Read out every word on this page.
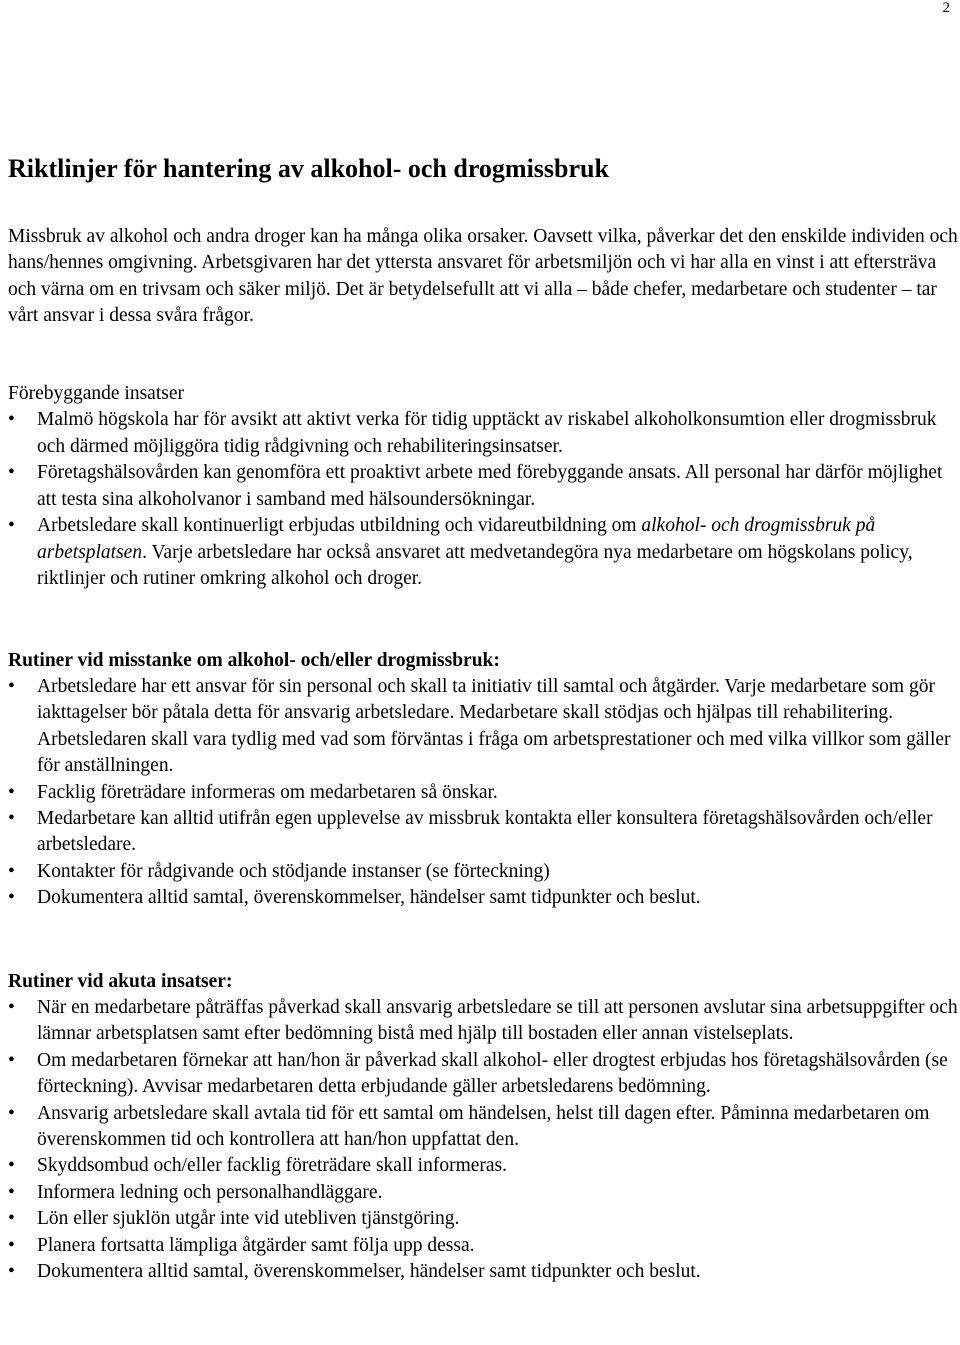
2
Riktlinjer för hantering av alkohol- och drogmissbruk

Missbruk av alkohol och andra droger kan ha många olika orsaker. Oavsett vilka, påverkar det den enskilde individen och hans/hennes omgivning. Arbetsgivaren har det yttersta ansvaret för arbetsmiljön och vi har alla en vinst i att eftersträva och värna om en trivsam och säker miljö. Det är betydelsefullt att vi alla – både chefer, medarbetare och studenter – tar vårt ansvar i dessa svåra frågor.

Förebyggande insatser
• Malmö högskola har för avsikt att aktivt verka för tidig upptäckt av riskabel alkoholkonsumtion eller drogmissbruk och därmed möjliggöra tidig rådgivning och rehabiliteringsinsatser.
• Företagshälsovården kan genomföra ett proaktivt arbete med förebyggande ansats. All personal har därför möjlighet att testa sina alkoholvanor i samband med hälsoundersökningar.
• Arbetsledare skall kontinuerligt erbjudas utbildning och vidareutbildning om alkohol- och drogmissbruk på arbetsplatsen. Varje arbetsledare har också ansvaret att medvetandegöra nya medarbetare om högskolans policy, riktlinjer och rutiner omkring alkohol och droger.
Rutiner vid misstanke om alkohol- och/eller drogmissbruk:
• Arbetsledare har ett ansvar för sin personal och skall ta initiativ till samtal och åtgärder. Varje medarbetare som gör iakttagelser bör påtala detta för ansvarig arbetsledare. Medarbetare skall stödjas och hjälpas till rehabilitering. Arbetsledaren skall vara tydlig med vad som förväntas i fråga om arbetsprestationer och med vilka villkor som gäller för anställningen.
• Facklig företrädare informeras om medarbetaren så önskar.
• Medarbetare kan alltid utifrån egen upplevelse av missbruk kontakta eller konsultera företagshälsovården och/eller arbetsledare.
• Kontakter för rådgivande och stödjande instanser (se förteckning)
• Dokumentera alltid samtal, överenskommelser, händelser samt tidpunkter och beslut.
Rutiner vid akuta insatser:
• När en medarbetare påträffas påverkad skall ansvarig arbetsledare se till att personen avslutar sina arbetsuppgifter och lämnar arbetsplatsen samt efter bedömning bistå med hjälp till bostaden eller annan vistelseplats.
• Om medarbetaren förnekar att han/hon är påverkad skall alkohol- eller drogtest erbjudas hos företagshälsovården (se förteckning). Avvisar medarbetaren detta erbjudande gäller arbetsledarens bedömning.
• Ansvarig arbetsledare skall avtala tid för ett samtal om händelsen, helst till dagen efter. Påminna medarbetaren om överenskommen tid och kontrollera att han/hon uppfattat den.
• Skyddsombud och/eller facklig företrädare skall informeras.
• Informera ledning och personalhandläggare.
• Lön eller sjuklön utgår inte vid utebliven tjänstgöring.
• Planera fortsatta lämpliga åtgärder samt följa upp dessa.
• Dokumentera alltid samtal, överenskommelser, händelser samt tidpunkter och beslut.
